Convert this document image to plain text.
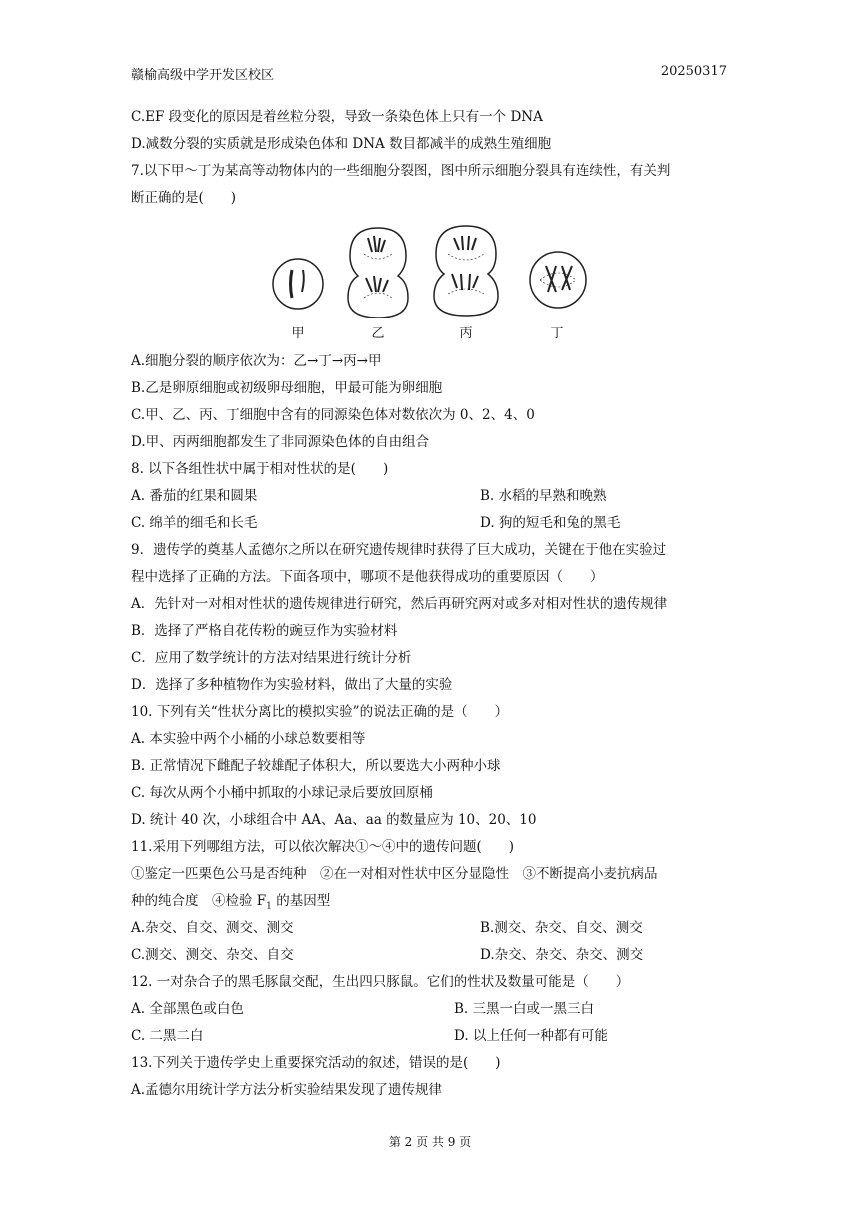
赣榆高级中学开发区校区	20250317
C.EF 段变化的原因是着丝粒分裂，导致一条染色体上只有一个 DNA
D.减数分裂的实质就是形成染色体和 DNA 数目都减半的成熟生殖细胞
7.以下甲～丁为某高等动物体内的一些细胞分裂图，图中所示细胞分裂具有连续性，有关判
断正确的是(　　)
甲	乙	丙	丁
A.细胞分裂的顺序依次为：乙→丁→丙→甲
B.乙是卵原细胞或初级卵母细胞，甲最可能为卵细胞
C.甲、乙、丙、丁细胞中含有的同源染色体对数依次为 0、2、4、0
D.甲、丙两细胞都发生了非同源染色体的自由组合
8. 以下各组性状中属于相对性状的是(　　)
A. 番茄的红果和圆果	B. 水稻的早熟和晚熟
C. 绵羊的细毛和长毛	D. 狗的短毛和兔的黑毛
9．遗传学的奠基人孟德尔之所以在研究遗传规律时获得了巨大成功，关键在于他在实验过
程中选择了正确的方法。下面各项中，哪项不是他获得成功的重要原因（　　）
A．先针对一对相对性状的遗传规律进行研究，然后再研究两对或多对相对性状的遗传规律
B．选择了严格自花传粉的豌豆作为实验材料
C．应用了数学统计的方法对结果进行统计分析
D．选择了多种植物作为实验材料，做出了大量的实验
10. 下列有关“性状分离比的模拟实验”的说法正确的是（　　）
A. 本实验中两个小桶的小球总数要相等
B. 正常情况下雌配子较雄配子体积大，所以要选大小两种小球
C. 每次从两个小桶中抓取的小球记录后要放回原桶
D. 统计 40 次，小球组合中 AA、Aa、aa 的数量应为 10、20、10
11.采用下列哪组方法，可以依次解决①～④中的遗传问题(　　)
①鉴定一匹栗色公马是否纯种　②在一对相对性状中区分显隐性　③不断提高小麦抗病品
种的纯合度　④检验 $F_1$ 的基因型
A.杂交、自交、测交、测交	B.测交、杂交、自交、测交
C.测交、测交、杂交、自交	D.杂交、杂交、杂交、测交
12. 一对杂合子的黑毛豚鼠交配，生出四只豚鼠。它们的性状及数量可能是（　　）
A. 全部黑色或白色	B. 三黑一白或一黑三白
C. 二黑二白	D. 以上任何一种都有可能
13.下列关于遗传学史上重要探究活动的叙述，错误的是(　　)
A.孟德尔用统计学方法分析实验结果发现了遗传规律
第 2 页 共 9 页
